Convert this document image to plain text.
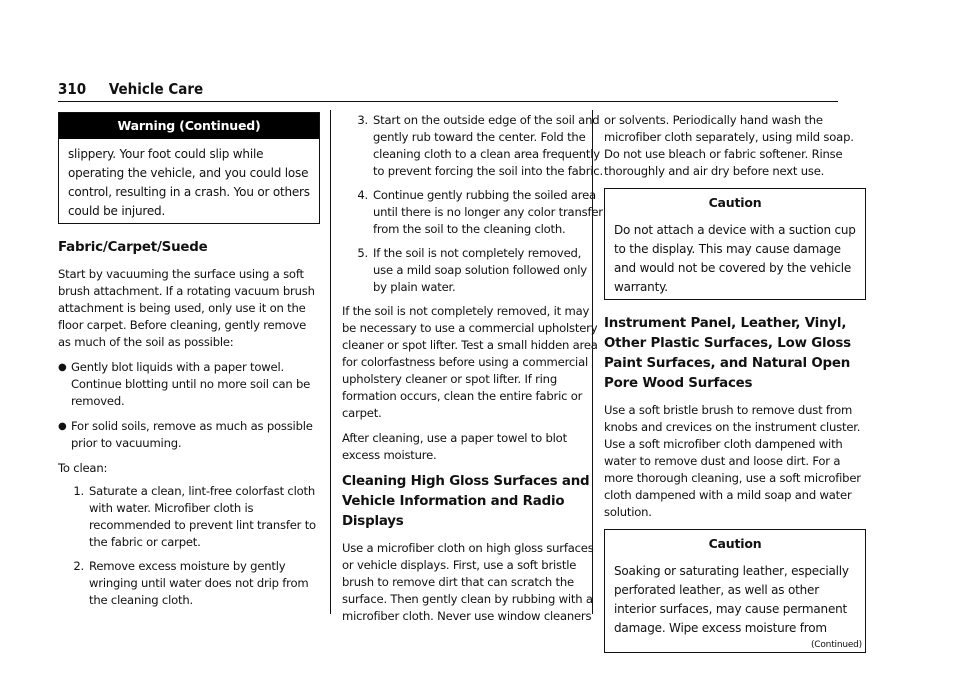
310 Vehicle Care
Warning (Continued)
slippery. Your foot could slip while operating the vehicle, and you could lose control, resulting in a crash. You or others could be injured.
Fabric/Carpet/Suede

Start by vacuuming the surface using a soft brush attachment. If a rotating vacuum brush attachment is being used, only use it on the floor carpet. Before cleaning, gently remove as much of the soil as possible:

● Gently blot liquids with a paper towel. Continue blotting until no more soil can be removed.
● For solid soils, remove as much as possible prior to vacuuming.

To clean:

1. Saturate a clean, lint-free colorfast cloth with water. Microfiber cloth is recommended to prevent lint transfer to the fabric or carpet.
2. Remove excess moisture by gently wringing until water does not drip from the cleaning cloth.
3. Start on the outside edge of the soil and gently rub toward the center. Fold the cleaning cloth to a clean area frequently to prevent forcing the soil into the fabric.
4. Continue gently rubbing the soiled area until there is no longer any color transfer from the soil to the cleaning cloth.
5. If the soil is not completely removed, use a mild soap solution followed only by plain water.

If the soil is not completely removed, it may be necessary to use a commercial upholstery cleaner or spot lifter. Test a small hidden area for colorfastness before using a commercial upholstery cleaner or spot lifter. If ring formation occurs, clean the entire fabric or carpet.

After cleaning, use a paper towel to blot excess moisture.

Cleaning High Gloss Surfaces and Vehicle Information and Radio Displays

Use a microfiber cloth on high gloss surfaces or vehicle displays. First, use a soft bristle brush to remove dirt that can scratch the surface. Then gently clean by rubbing with a microfiber cloth. Never use window cleaners

or solvents. Periodically hand wash the microfiber cloth separately, using mild soap. Do not use bleach or fabric softener. Rinse thoroughly and air dry before next use.

Caution
Do not attach a device with a suction cup to the display. This may cause damage and would not be covered by the vehicle warranty.
Instrument Panel, Leather, Vinyl, Other Plastic Surfaces, Low Gloss Paint Surfaces, and Natural Open Pore Wood Surfaces

Use a soft bristle brush to remove dust from knobs and crevices on the instrument cluster. Use a soft microfiber cloth dampened with water to remove dust and loose dirt. For a more thorough cleaning, use a soft microfiber cloth dampened with a mild soap and water solution.

Caution
Soaking or saturating leather, especially perforated leather, as well as other interior surfaces, may cause permanent damage. Wipe excess moisture from
(Continued)
